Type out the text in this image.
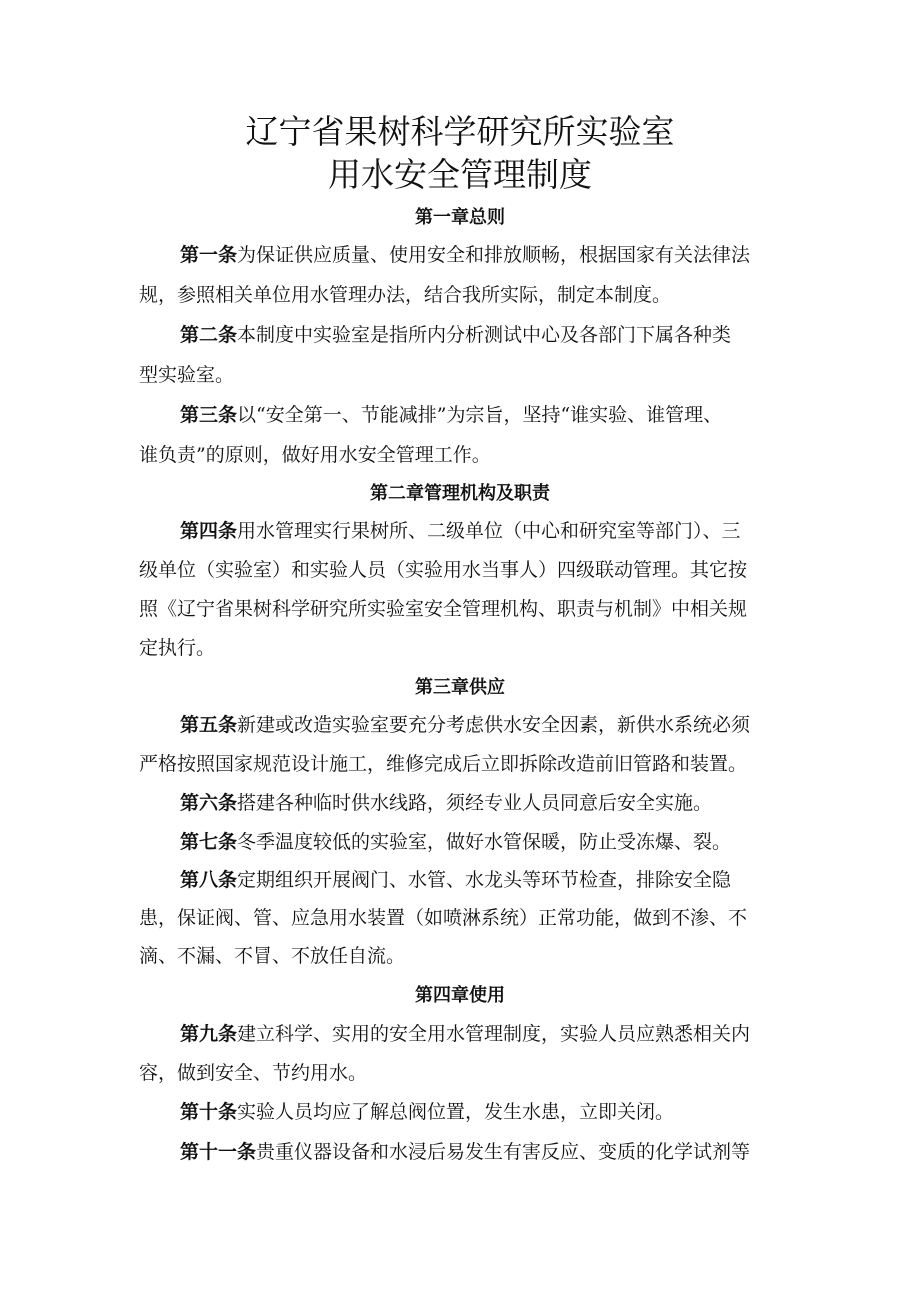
辽宁省果树科学研究所实验室
用水安全管理制度
第一章总则
第一条为保证供应质量、使用安全和排放顺畅，根据国家有关法律法
规，参照相关单位用水管理办法，结合我所实际，制定本制度。
第二条本制度中实验室是指所内分析测试中心及各部门下属各种类
型实验室。
第三条以“安全第一、节能减排”为宗旨，坚持“谁实验、谁管理、
谁负责”的原则，做好用水安全管理工作。
第二章管理机构及职责
第四条用水管理实行果树所、二级单位（中心和研究室等部门）、三
级单位（实验室）和实验人员（实验用水当事人）四级联动管理。其它按
照《辽宁省果树科学研究所实验室安全管理机构、职责与机制》中相关规
定执行。
第三章供应
第五条新建或改造实验室要充分考虑供水安全因素，新供水系统必须
严格按照国家规范设计施工，维修完成后立即拆除改造前旧管路和装置。
第六条搭建各种临时供水线路，须经专业人员同意后安全实施。
第七条冬季温度较低的实验室，做好水管保暖，防止受冻爆、裂。
第八条定期组织开展阀门、水管、水龙头等环节检查，排除安全隐
患，保证阀、管、应急用水装置（如喷淋系统）正常功能，做到不渗、不
滴、不漏、不冒、不放任自流。
第四章使用
第九条建立科学、实用的安全用水管理制度，实验人员应熟悉相关内
容，做到安全、节约用水。
第十条实验人员均应了解总阀位置，发生水患，立即关闭。
第十一条贵重仪器设备和水浸后易发生有害反应、变质的化学试剂等
